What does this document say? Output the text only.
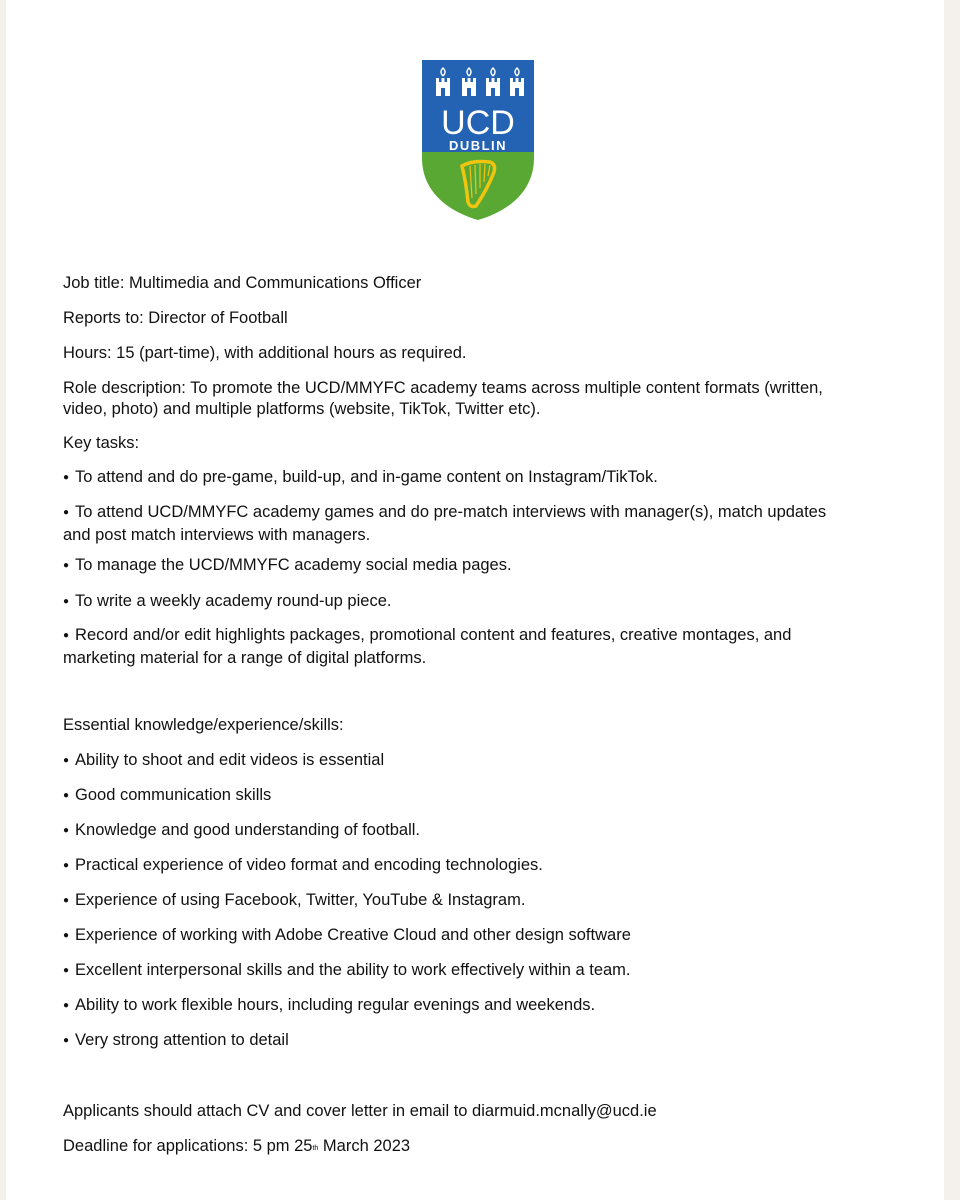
UCD
DUBLIN
Job title: Multimedia and Communications Officer
Reports to: Director of Football
Hours: 15 (part-time), with additional hours as required.
Role description: To promote the UCD/MMYFC academy teams across multiple content formats (written,
video, photo) and multiple platforms (website, TikTok, Twitter etc).
Key tasks:
● To attend and do pre-game, build-up, and in-game content on Instagram/TikTok.
● To attend UCD/MMYFC academy games and do pre-match interviews with manager(s), match updates
and post match interviews with managers.
● To manage the UCD/MMYFC academy social media pages.
● To write a weekly academy round-up piece.
● Record and/or edit highlights packages, promotional content and features, creative montages, and
marketing material for a range of digital platforms.
Essential knowledge/experience/skills:
● Ability to shoot and edit videos is essential
● Good communication skills
● Knowledge and good understanding of football.
● Practical experience of video format and encoding technologies.
● Experience of using Facebook, Twitter, YouTube & Instagram.
● Experience of working with Adobe Creative Cloud and other design software
● Excellent interpersonal skills and the ability to work effectively within a team.
● Ability to work flexible hours, including regular evenings and weekends.
● Very strong attention to detail
Applicants should attach CV and cover letter in email to diarmuid.mcnally@ucd.ie
Deadline for applications: 5 pm 25th March 2023
